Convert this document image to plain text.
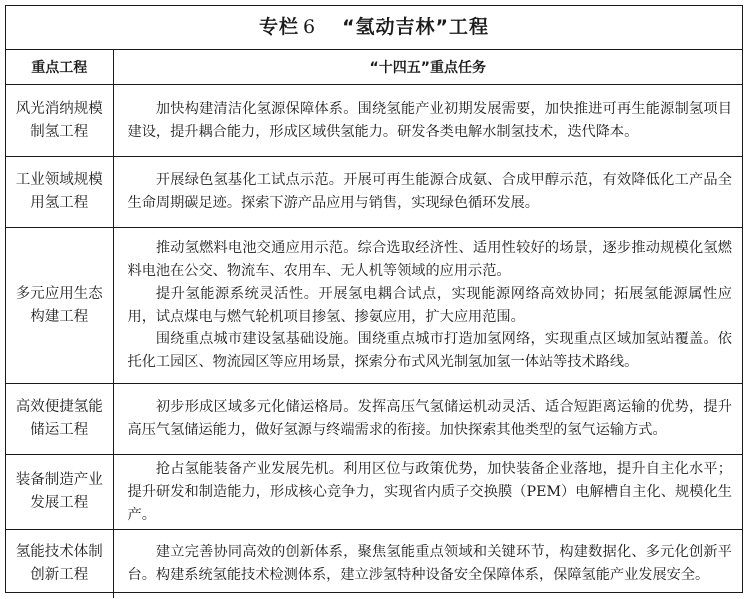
专栏 6 “氢动吉林”工程
重点工程	“十四五”重点任务
风光消纳规模制氢工程	加快构建清洁化氢源保障体系。围绕氢能产业初期发展需要，加快推进可再生能源制氢项目建设，提升耦合能力，形成区域供氢能力。研发各类电解水制氢技术，迭代降本。

工业领域规模用氢工程	开展绿色氢基化工试点示范。开展可再生能源合成氨、合成甲醇示范，有效降低化工产品全生命周期碳足迹。探索下游产品应用与销售，实现绿色循环发展。

多元应用生态构建工程	推动氢燃料电池交通应用示范。综合选取经济性、适用性较好的场景，逐步推动规模化氢燃料电池在公交、物流车、农用车、无人机等领域的应用示范。

提升氢能源系统灵活性。开展氢电耦合试点，实现能源网络高效协同；拓展氢能源属性应用，试点煤电与燃气轮机项目掺氢、掺氨应用，扩大应用范围。

围绕重点城市建设氢基础设施。围绕重点城市打造加氢网络，实现重点区域加氢站覆盖。依托化工园区、物流园区等应用场景，探索分布式风光制氢加氢一体站等技术路线。

高效便捷氢能储运工程	初步形成区域多元化储运格局。发挥高压气氢储运机动灵活、适合短距离运输的优势，提升高压气氢储运能力，做好氢源与终端需求的衔接。加快探索其他类型的氢气运输方式。

装备制造产业发展工程	抢占氢能装备产业发展先机。利用区位与政策优势，加快装备企业落地，提升自主化水平；提升研发和制造能力，形成核心竞争力，实现省内质子交换膜（PEM）电解槽自主化、规模化生产。

氢能技术体制创新工程	建立完善协同高效的创新体系，聚焦氢能重点领域和关键环节，构建数据化、多元化创新平台。构建系统氢能技术检测体系，建立涉氢特种设备安全保障体系，保障氢能产业发展安全。
